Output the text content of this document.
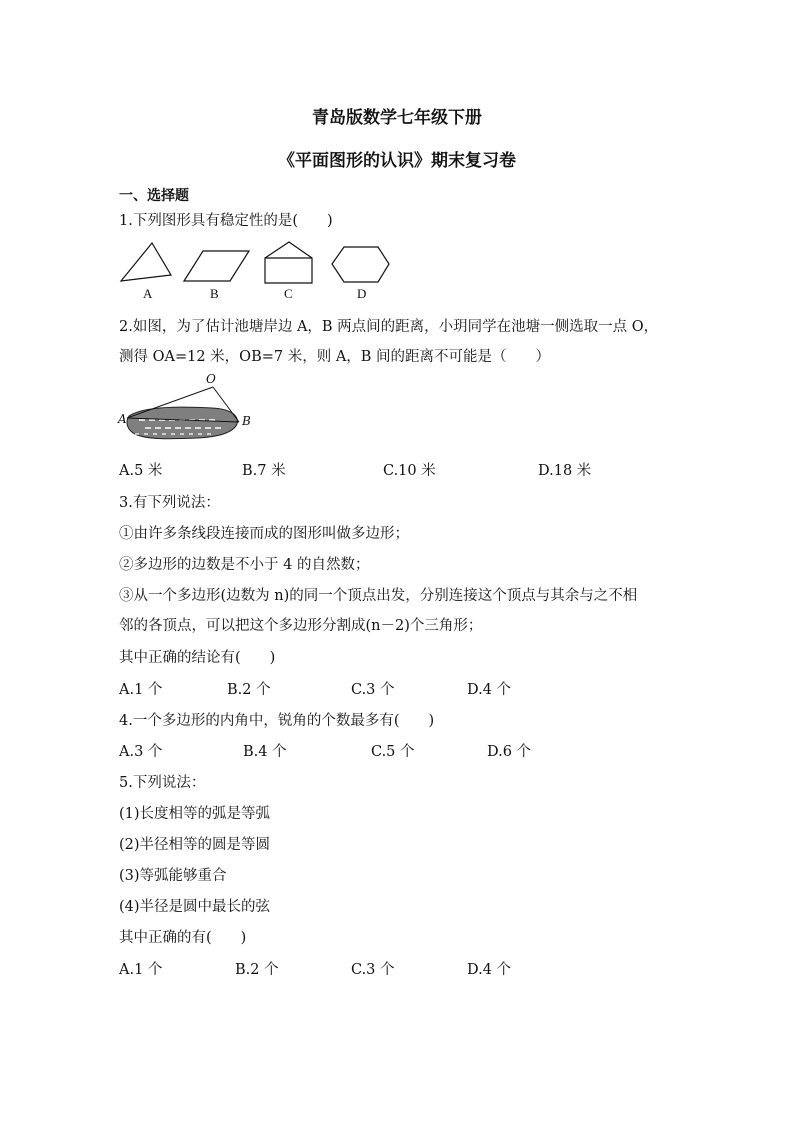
青岛版数学七年级下册
《平面图形的认识》期末复习卷
一、选择题
1.下列图形具有稳定性的是(　　)
A	B	C	D
2.如图，为了估计池塘岸边 A，B 两点间的距离，小玥同学在池塘一侧选取一点 O，
测得 OA=12 米，OB=7 米，则 A，B 间的距离不可能是（　　）
O
A	B
A.5 米	B.7 米	C.10 米	D.18 米
3.有下列说法：
①由许多条线段连接而成的图形叫做多边形；
②多边形的边数是不小于 4 的自然数；
③从一个多边形(边数为 n)的同一个顶点出发，分别连接这个顶点与其余与之不相
邻的各顶点，可以把这个多边形分割成(n－2)个三角形；
其中正确的结论有(　　)
A.1 个	B.2 个	C.3 个	D.4 个
4.一个多边形的内角中，锐角的个数最多有(　　)
A.3 个	B.4 个	C.5 个	D.6 个
5.下列说法：
(1)长度相等的弧是等弧
(2)半径相等的圆是等圆
(3)等弧能够重合
(4)半径是圆中最长的弦
其中正确的有(　　)
A.1 个	B.2 个	C.3 个	D.4 个
